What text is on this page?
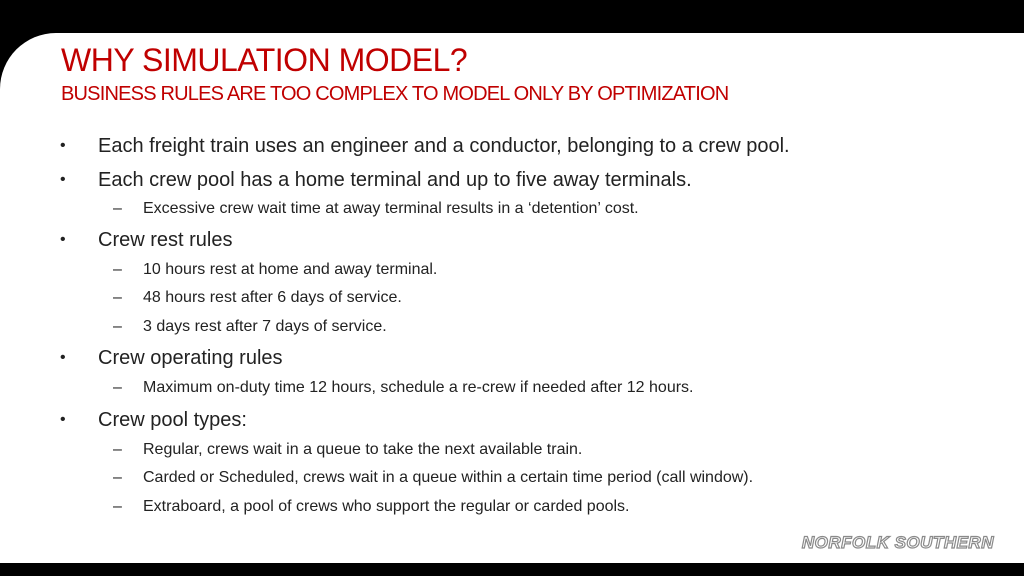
WHY SIMULATION MODEL?
BUSINESS RULES ARE TOO COMPLEX TO MODEL ONLY BY OPTIMIZATION
• Each freight train uses an engineer and a conductor, belonging to a crew pool.
• Each crew pool has a home terminal and up to five away terminals.
– Excessive crew wait time at away terminal results in a ‘detention’ cost.
• Crew rest rules
– 10 hours rest at home and away terminal.
– 48 hours rest after 6 days of service.
– 3 days rest after 7 days of service.
• Crew operating rules
– Maximum on-duty time 12 hours, schedule a re-crew if needed after 12 hours.
• Crew pool types:
– Regular, crews wait in a queue to take the next available train.
– Carded or Scheduled, crews wait in a queue within a certain time period (call window).
– Extraboard, a pool of crews who support the regular or carded pools.
NORFOLK SOUTHERN
